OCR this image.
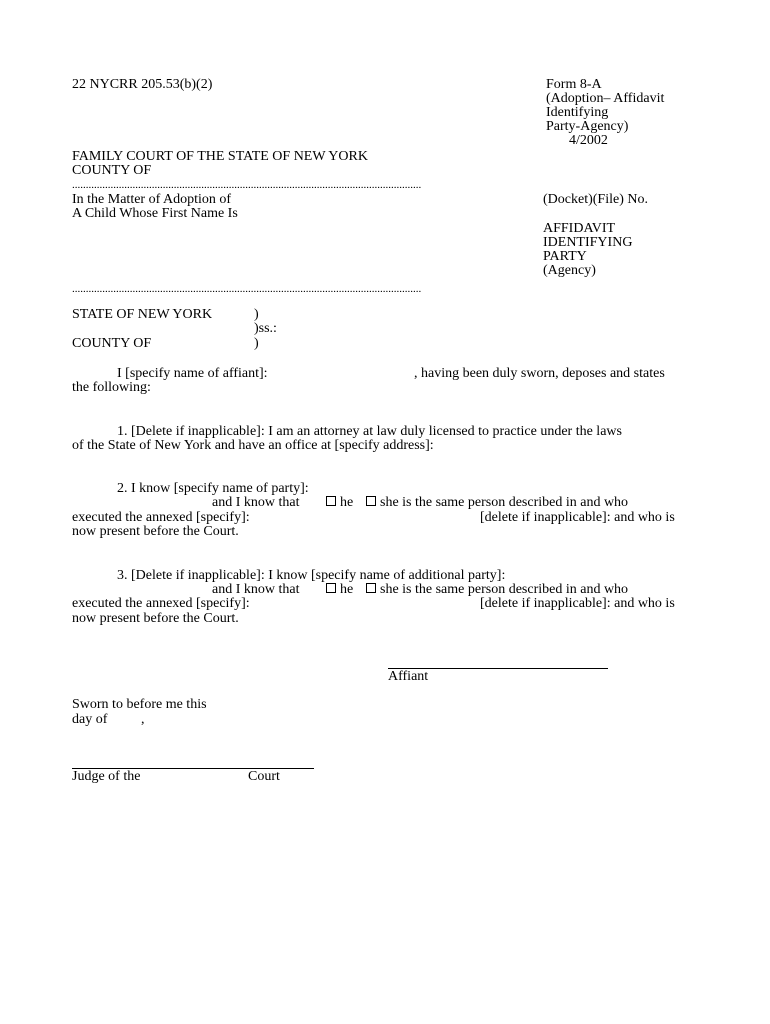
22 NYCRR 205.53(b)(2)	Form 8-A
(Adoption– Affidavit
Identifying
Party-Agency)
4/2002
FAMILY COURT OF THE STATE OF NEW YORK
COUNTY OF
...............................................................................................................................
In the Matter of Adoption of
A Child Whose First Name Is
(Docket)(File) No.
AFFIDAVIT
IDENTIFYING
PARTY
(Agency)
...............................................................................................................................
STATE OF NEW YORK
COUNTY OF
)
)ss.:
)
I [specify name of affiant]:	, having been duly sworn, deposes and states
the following:
1. [Delete if inapplicable]: I am an attorney at law duly licensed to practice under the laws
of the State of New York and have an office at [specify address]:
2. I know [specify name of party]:
and I know that	he	she is the same person described in and who
executed the annexed [specify]:	[delete if inapplicable]: and who is
now present before the Court.
3. [Delete if inapplicable]: I know [specify name of additional party]:
and I know that	he	she is the same person described in and who
executed the annexed [specify]:	[delete if inapplicable]: and who is
now present before the Court.
Affiant
Sworn to before me this
day of ,
Judge of the	Court
